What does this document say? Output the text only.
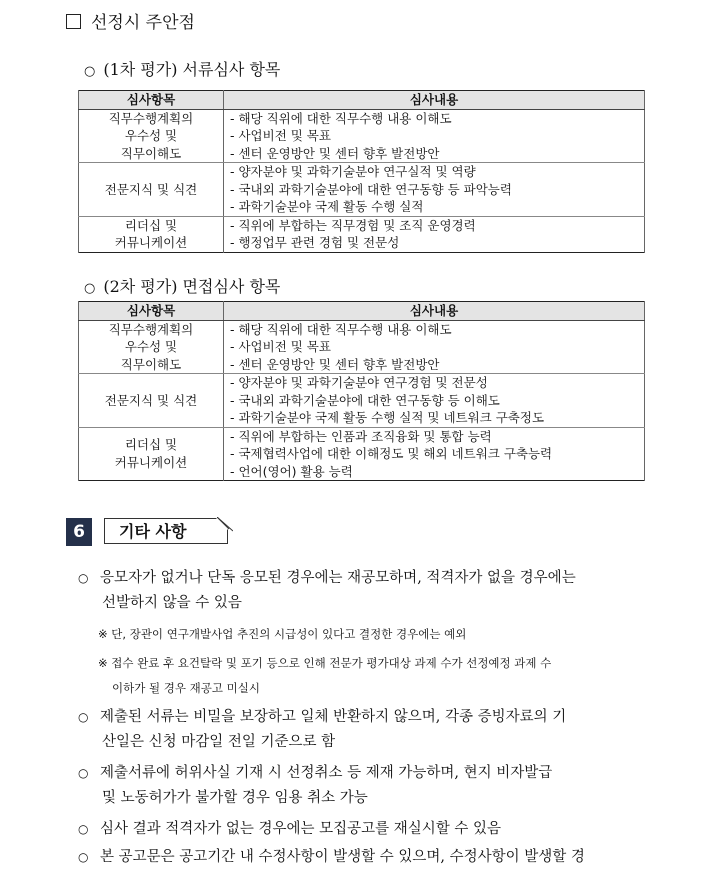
선정시 주안점
○ (1차 평가) 서류심사 항목
심사항목	심사내용

직무수행계획의
우수성 및
직무이해도	- 해당 직위에 대한 직무수행 내용 이해도
- 사업비전 및 목표
- 센터 운영방안 및 센터 향후 발전방안

전문지식 및 식견	- 양자분야 및 과학기술분야 연구실적 및 역량
- 국내외 과학기술분야에 대한 연구동향 등 파악능력
- 과학기술분야 국제 활동 수행 실적

리더십 및
커뮤니케이션	- 직위에 부합하는 직무경험 및 조직 운영경력
- 행정업무 관련 경험 및 전문성
○ (2차 평가) 면접심사 항목
심사항목	심사내용

직무수행계획의
우수성 및
직무이해도	- 해당 직위에 대한 직무수행 내용 이해도
- 사업비전 및 목표
- 센터 운영방안 및 센터 향후 발전방안

전문지식 및 식견	- 양자분야 및 과학기술분야 연구경험 및 전문성
- 국내외 과학기술분야에 대한 연구동향 등 이해도
- 과학기술분야 국제 활동 수행 실적 및 네트워크 구축정도

리더십 및
커뮤니케이션	- 직위에 부합하는 인품과 조직융화 및 통합 능력
- 국제협력사업에 대한 이해정도 및 해외 네트워크 구축능력
- 언어(영어) 활용 능력
6	기타 사항
○ 응모자가 없거나 단독 응모된 경우에는 재공모하며, 적격자가 없을 경우에는
선발하지 않을 수 있음
※ 단, 장관이 연구개발사업 추진의 시급성이 있다고 결정한 경우에는 예외
※ 접수 완료 후 요건탈락 및 포기 등으로 인해 전문가 평가대상 과제 수가 선정예정 과제 수
이하가 될 경우 재공고 미실시
○ 제출된 서류는 비밀을 보장하고 일체 반환하지 않으며, 각종 증빙자료의 기
산일은 신청 마감일 전일 기준으로 함
○ 제출서류에 허위사실 기재 시 선정취소 등 제재 가능하며, 현지 비자발급
및 노동허가가 불가할 경우 임용 취소 가능
○ 심사 결과 적격자가 없는 경우에는 모집공고를 재실시할 수 있음
○ 본 공고문은 공고기간 내 수정사항이 발생할 수 있으며, 수정사항이 발생할 경
